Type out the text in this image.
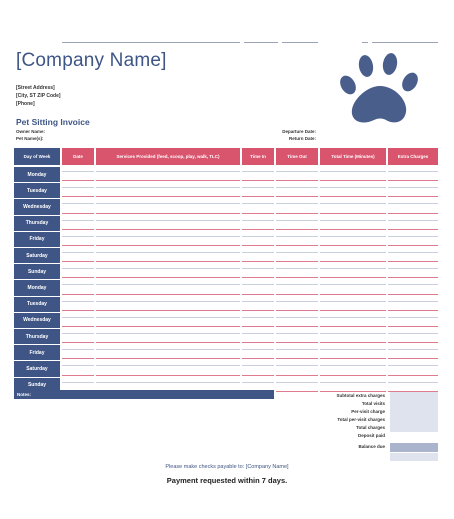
[Company Name]
[Street Address]
[City, ST ZIP Code]
[Phone]
Pet Sitting Invoice
Owner Name:
Pet Name(s):
Departure Date:
Return Date:
Day of Week	Date	Services Provided (feed, scoop, play, walk, TLC)	Time In	Time Out	Total Time (Minutes)	Extra Charges
Monday
Tuesday
Wednesday
Thursday
Friday
Saturday
Sunday
Monday
Tuesday
Wednesday
Thursday
Friday
Saturday
Sunday
Notes:	Subtotal extra charges
Total visits
Per-visit charge
Total per-visit charges
Total charges
Deposit paid
Balance due
Please make checks payable to: [Company Name]
Payment requested within 7 days.
